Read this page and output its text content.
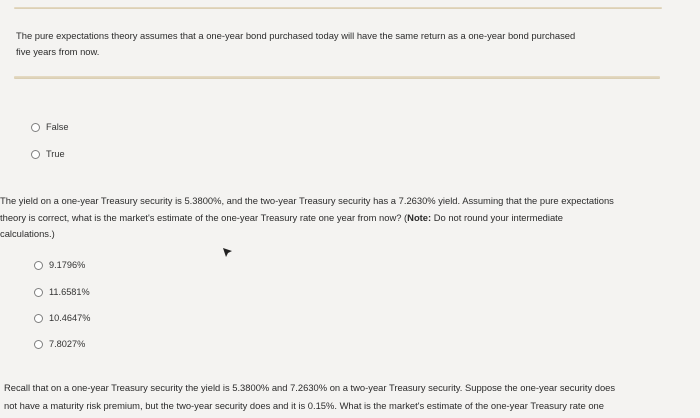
The pure expectations theory assumes that a one-year bond purchased today will have the same return as a one-year bond purchased
five years from now.
False
True
The yield on a one-year Treasury security is 5.3800%, and the two-year Treasury security has a 7.2630% yield. Assuming that the pure expectations
theory is correct, what is the market's estimate of the one-year Treasury rate one year from now? (Note: Do not round your intermediate
calculations.)
9.1796%
11.6581%
10.4647%
7.8027%
Recall that on a one-year Treasury security the yield is 5.3800% and 7.2630% on a two-year Treasury security. Suppose the one-year security does
not have a maturity risk premium, but the two-year security does and it is 0.15%. What is the market's estimate of the one-year Treasury rate one
